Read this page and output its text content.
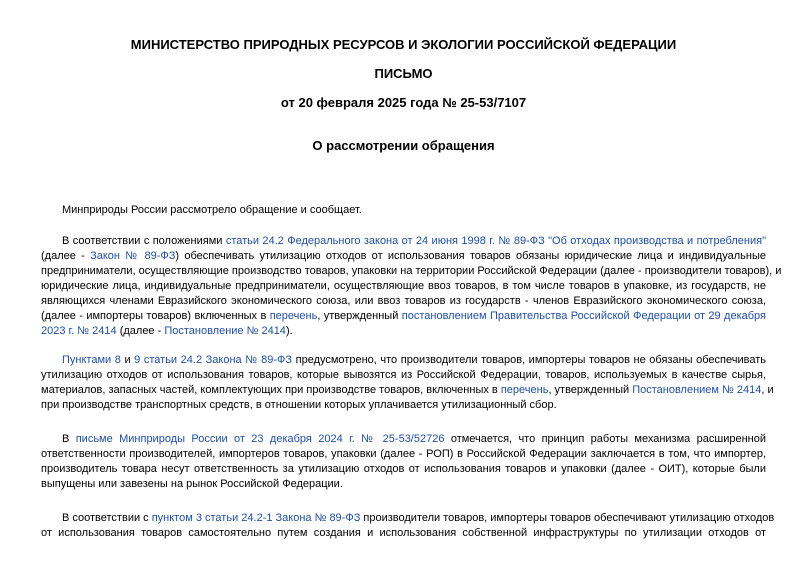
МИНИСТЕРСТВО ПРИРОДНЫХ РЕСУРСОВ И ЭКОЛОГИИ РОССИЙСКОЙ ФЕДЕРАЦИИ
ПИСЬМО
от 20 февраля 2025 года № 25-53/7107
О рассмотрении обращения
Минприроды России рассмотрело обращение и сообщает.
В соответствии с положениями статьи 24.2 Федерального закона от 24 июня 1998 г. № 89-ФЗ "Об отходах производства и потребления"
(далее - Закон № 89-ФЗ) обеспечивать утилизацию отходов от использования товаров обязаны юридические лица и индивидуальные
предприниматели, осуществляющие производство товаров, упаковки на территории Российской Федерации (далее - производители товаров), и
юридические лица, индивидуальные предприниматели, осуществляющие ввоз товаров, в том числе товаров в упаковке, из государств, не
являющихся членами Евразийского экономического союза, или ввоз товаров из государств - членов Евразийского экономического союза,
(далее - импортеры товаров) включенных в перечень, утвержденный постановлением Правительства Российской Федерации от 29 декабря
2023 г. № 2414 (далее - Постановление № 2414).
Пунктами 8 и 9 статьи 24.2 Закона № 89-ФЗ предусмотрено, что производители товаров, импортеры товаров не обязаны обеспечивать
утилизацию отходов от использования товаров, которые вывозятся из Российской Федерации, товаров, используемых в качестве сырья,
материалов, запасных частей, комплектующих при производстве товаров, включенных в перечень, утвержденный Постановлением № 2414, и
при производстве транспортных средств, в отношении которых уплачивается утилизационный сбор.
В письме Минприроды России от 23 декабря 2024 г. № 25-53/52726 отмечается, что принцип работы механизма расширенной
ответственности производителей, импортеров товаров, упаковки (далее - РОП) в Российской Федерации заключается в том, что импортер,
производитель товара несут ответственность за утилизацию отходов от использования товаров и упаковки (далее - ОИТ), которые были
выпущены или завезены на рынок Российской Федерации.
В соответствии с пунктом 3 статьи 24.2-1 Закона № 89-ФЗ производители товаров, импортеры товаров обеспечивают утилизацию отходов
от использования товаров самостоятельно путем создания и использования собственной инфраструктуры по утилизации отходов от
